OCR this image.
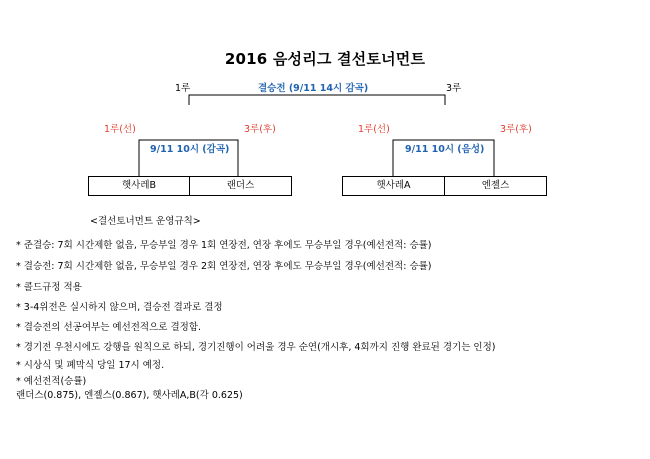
2016 음성리그 결선토너먼트
1루	3루
결승전 (9/11 14시 감곡)
1루(선)	3루(후)
9/11 10시 (감곡)
1루(선)	3루(후)
9/11 10시 (음성)
햇사레B	랜더스	햇사레A	엔젤스
<결선토너먼트 운영규칙>
* 준결승: 7회 시간제한 없음, 무승부일 경우 1회 연장전, 연장 후에도 무승부일 경우(예선전적: 승률)
* 결승전: 7회 시간제한 없음, 무승부일 경우 2회 연장전, 연장 후에도 무승부일 경우(예선전적: 승률)
* 콜드규정 적용
* 3-4위전은 실시하지 않으며, 결승전 결과로 결정
* 결승전의 선공여부는 예선전적으로 결정함.
* 경기전 우천시에도 강행을 원칙으로 하되, 경기진행이 어려울 경우 순연(개시후, 4회까지 진행 완료된 경기는 인정)
* 시상식 및 폐막식 당일 17시 예정.
* 예선전적(승률)
랜더스(0.875), 엔젤스(0.867), 햇사레A,B(각 0.625)
